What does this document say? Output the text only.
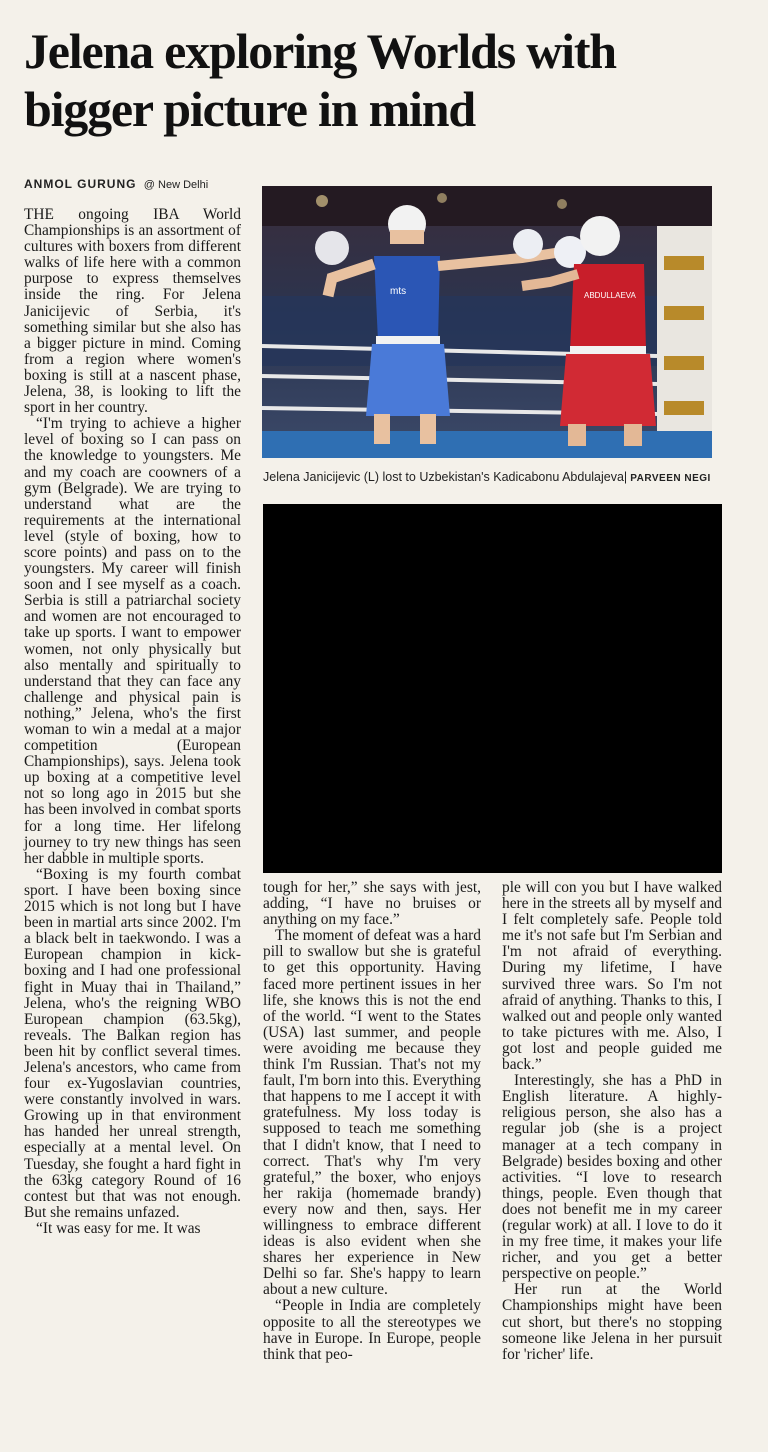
Jelena exploring Worlds with bigger picture in mind
ANMOL GURUNG @ New Delhi

THE ongoing IBA World Championships is an assortment of cultures with boxers from different walks of life here with a common purpose to express themselves inside the ring. For Jelena Janicijevic of Serbia, it's something similar but she also has a bigger picture in mind. Coming from a region where women's boxing is still at a nascent phase, Jelena, 38, is looking to lift the sport in her country.

“I'm trying to achieve a higher level of boxing so I can pass on the knowledge to youngsters. Me and my coach are coowners of a gym (Belgrade). We are trying to understand what are the requirements at the international level (style of boxing, how to score points) and pass on to the youngsters. My career will finish soon and I see myself as a coach. Serbia is still a patriarchal society and women are not encouraged to take up sports. I want to empower women, not only physically but also mentally and spiritually to understand that they can face any challenge and physical pain is nothing,” Jelena, who's the first woman to win a medal at a major competition (European Championships), says. Jelena took up boxing at a competitive level not so long ago in 2015 but she has been involved in combat sports for a long time. Her lifelong journey to try new things has seen her dabble in multiple sports.

“Boxing is my fourth combat sport. I have been boxing since 2015 which is not long but I have been in martial arts since 2002. I'm a black belt in taekwondo. I was a European champion in kick-boxing and I had one professional fight in Muay thai in Thailand,” Jelena, who's the reigning WBO European champion (63.5kg), reveals. The Balkan region has been hit by conflict several times. Jelena's ancestors, who came from four ex-Yugoslavian countries, were constantly involved in wars. Growing up in that environment has handed her unreal strength, especially at a mental level. On Tuesday, she fought a hard fight in the 63kg category Round of 16 contest but that was not enough. But she remains unfazed.

“It was easy for me. It was

mts	ABDULLAEVA
Jelena Janicijevic (L) lost to Uzbekistan's Kadicabonu Abdulajeva| PARVEEN NEGI

tough for her,” she says with jest, adding, “I have no bruises or anything on my face.”

The moment of defeat was a hard pill to swallow but she is grateful to get this opportunity. Having faced more pertinent issues in her life, she knows this is not the end of the world. “I went to the States (USA) last summer, and people were avoiding me because they think I'm Russian. That's not my fault, I'm born into this. Everything that happens to me I accept it with gratefulness. My loss today is supposed to teach me something that I didn't know, that I need to correct. That's why I'm very grateful,” the boxer, who enjoys her rakija (homemade brandy) every now and then, says. Her willingness to embrace different ideas is also evident when she shares her experience in New Delhi so far. She's happy to learn about a new culture.

“People in India are completely opposite to all the stereotypes we have in Europe. In Europe, people think that peo-

ple will con you but I have walked here in the streets all by myself and I felt completely safe. People told me it's not safe but I'm Serbian and I'm not afraid of everything. During my lifetime, I have survived three wars. So I'm not afraid of anything. Thanks to this, I walked out and people only wanted to take pictures with me. Also, I got lost and people guided me back.”

Interestingly, she has a PhD in English literature. A highly-religious person, she also has a regular job (she is a project manager at a tech company in Belgrade) besides boxing and other activities. “I love to research things, people. Even though that does not benefit me in my career (regular work) at all. I love to do it in my free time, it makes your life richer, and you get a better perspective on people.”

Her run at the World Championships might have been cut short, but there's no stopping someone like Jelena in her pursuit for 'richer' life.
